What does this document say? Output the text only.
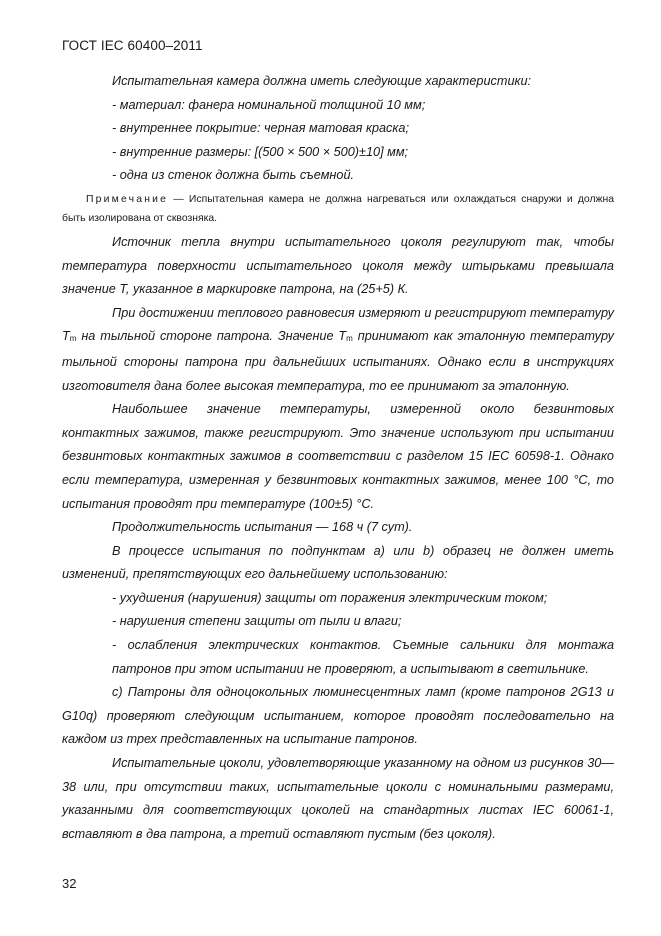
ГОСТ IEC 60400–2011

Испытательная камера должна иметь следующие характеристики:

- материал: фанера номинальной толщиной 10 мм;

- внутреннее покрытие: черная матовая краска;

- внутренние размеры: [(500 × 500 × 500)±10] мм;

- одна из стенок должна быть съемной.

Примечание — Испытательная камера не должна нагреваться или охлаждаться снаружи и должна быть изолирована от сквозняка.

Источник тепла внутри испытательного цоколя регулируют так, чтобы температура поверхности испытательного цоколя между штырьками превышала значение T, указанное в маркировке патрона, на (25+5) К.

При достижении теплового равновесия измеряют и регистрируют температуру $T_m$ на тыльной стороне патрона. Значение $T_m$ принимают как эталонную температуру тыльной стороны патрона при дальнейших испытаниях. Однако если в инструкциях изготовителя дана более высокая температура, то ее принимают за эталонную.

Наибольшее значение температуры, измеренной около безвинтовых контактных зажимов, также регистрируют. Это значение используют при испытании безвинтовых контактных зажимов в соответствии с разделом 15 IEC 60598-1. Однако если температура, измеренная у безвинтовых контактных зажимов, менее 100 °С, то испытания проводят при температуре (100±5) °С.

Продолжительность испытания — 168 ч (7 сут).

В процессе испытания по подпунктам a) или b) образец не должен иметь изменений, препятствующих его дальнейшему использованию:

- ухудшения (нарушения) защиты от поражения электрическим током;

- нарушения степени защиты от пыли и влаги;

- ослабления электрических контактов. Съемные сальники для монтажа патронов при этом испытании не проверяют, а испытывают в светильнике.

c) Патроны для одноцокольных люминесцентных ламп (кроме патронов 2G13 и G10q) проверяют следующим испытанием, которое проводят последовательно на каждом из трех представленных на испытание патронов.

Испытательные цоколи, удовлетворяющие указанному на одном из рисунков 30—38 или, при отсутствии таких, испытательные цоколи с номинальными размерами, указанными для соответствующих цоколей на стандартных листах IEC 60061-1, вставляют в два патрона, а третий оставляют пустым (без цоколя).

32
